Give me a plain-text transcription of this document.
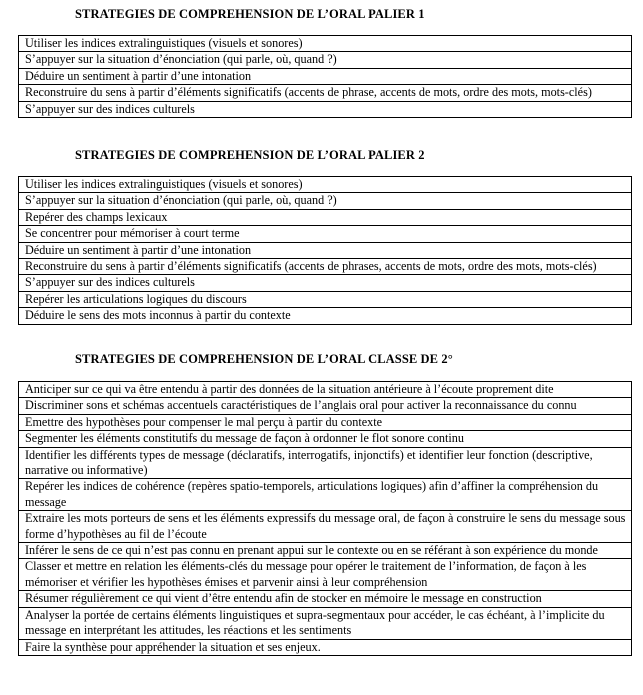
STRATEGIES DE COMPREHENSION DE L’ORAL PALIER 1
Utiliser les indices extralinguistiques (visuels et sonores)
S’appuyer sur la situation d’énonciation (qui parle, où, quand ?)
Déduire un sentiment à partir d’une intonation
Reconstruire du sens à partir d’éléments significatifs (accents de phrase, accents de mots, ordre des mots, mots-clés)
S’appuyer sur des indices culturels
STRATEGIES DE COMPREHENSION DE L’ORAL PALIER 2
Utiliser les indices extralinguistiques (visuels et sonores)
S’appuyer sur la situation d’énonciation (qui parle, où, quand ?)
Repérer des champs lexicaux
Se concentrer pour mémoriser à court terme
Déduire un sentiment à partir d’une intonation
Reconstruire du sens à partir d’éléments significatifs (accents de phrases, accents de mots, ordre des mots, mots-clés)
S’appuyer sur des indices culturels
Repérer les articulations logiques du discours
Déduire le sens des mots inconnus à partir du contexte
STRATEGIES DE COMPREHENSION DE L’ORAL CLASSE DE 2°
Anticiper sur ce qui va être entendu à partir des données de la situation antérieure à l’écoute proprement dite
Discriminer sons et schémas accentuels caractéristiques de l’anglais oral pour activer la reconnaissance du connu
Emettre des hypothèses pour compenser le mal perçu à partir du contexte
Segmenter les éléments constitutifs du message de façon à ordonner le flot sonore continu
Identifier les différents types de message (déclaratifs, interrogatifs, injonctifs) et identifier leur fonction (descriptive, narrative ou informative)
Repérer les indices de cohérence (repères spatio-temporels, articulations logiques) afin d’affiner la compréhension du message
Extraire les mots porteurs de sens et les éléments expressifs du message oral, de façon à construire le sens du message sous forme d’hypothèses au fil de l’écoute
Inférer le sens de ce qui n’est pas connu en prenant appui sur le contexte ou en se référant à son expérience du monde
Classer et mettre en relation les éléments-clés du message pour opérer le traitement de l’information, de façon à les mémoriser et vérifier les hypothèses émises et parvenir ainsi à leur compréhension
Résumer régulièrement ce qui vient d’être entendu afin de stocker en mémoire le message en construction
Analyser la portée de certains éléments linguistiques et supra-segmentaux pour accéder, le cas échéant, à l’implicite du message en interprétant les attitudes, les réactions et les sentiments
Faire la synthèse pour appréhender la situation et ses enjeux.
